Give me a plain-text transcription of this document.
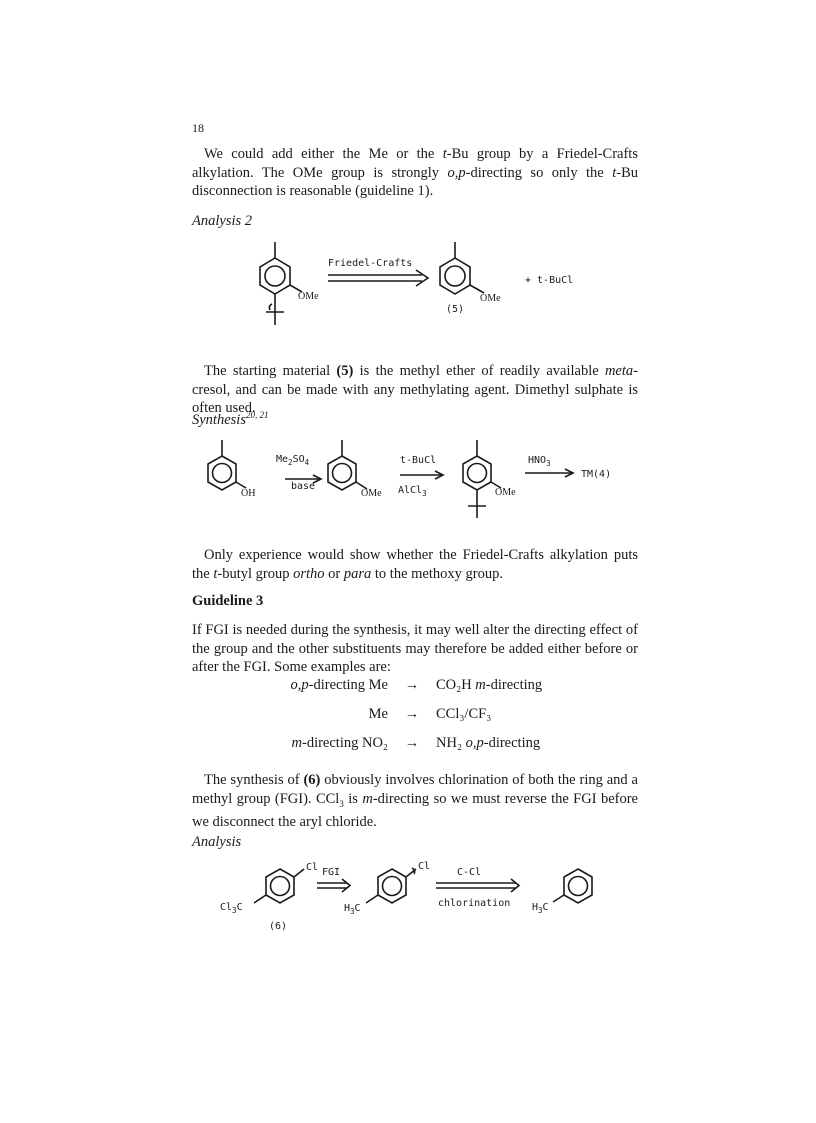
18
We could add either the Me or the t-Bu group by a Friedel-Crafts alkylation. The OMe group is strongly o,p-directing so only the t-Bu disconnection is reasonable (guideline 1).
Analysis 2
Friedel-Crafts
OMe	OMe
(5)
+ t-BuCl
The starting material (5) is the methyl ether of readily available meta-cresol, and can be made with any methylating agent. Dimethyl sulphate is often used.
Synthesis$^{20, 21}$
OH
$Me_2SO_4$
base
OMe
t-BuCl
AlCl$_3$	OMe
$HNO_3$
TM(4)
Only experience would show whether the Friedel-Crafts alkylation puts the t-butyl group ortho or para to the methoxy group.
Guideline 3
If FGI is needed during the synthesis, it may well alter the directing effect of the group and the other substituents may therefore be added either before or after the FGI. Some examples are:
o,p-directing Me	→	CO₂H m-directing
Me	→	CCl₃/CF₃
m-directing NO₂	→	NH₂ o,p-directing
The synthesis of (6) obviously involves chlorination of both the ring and a methyl group (FGI). CCl$_3$ is m-directing so we must reverse the FGI before we disconnect the aryl chloride.
Analysis
Cl
$Cl_3C$
(6)
FGI
Cl
$H_3C$
C-Cl
chlorination $H_3C$
